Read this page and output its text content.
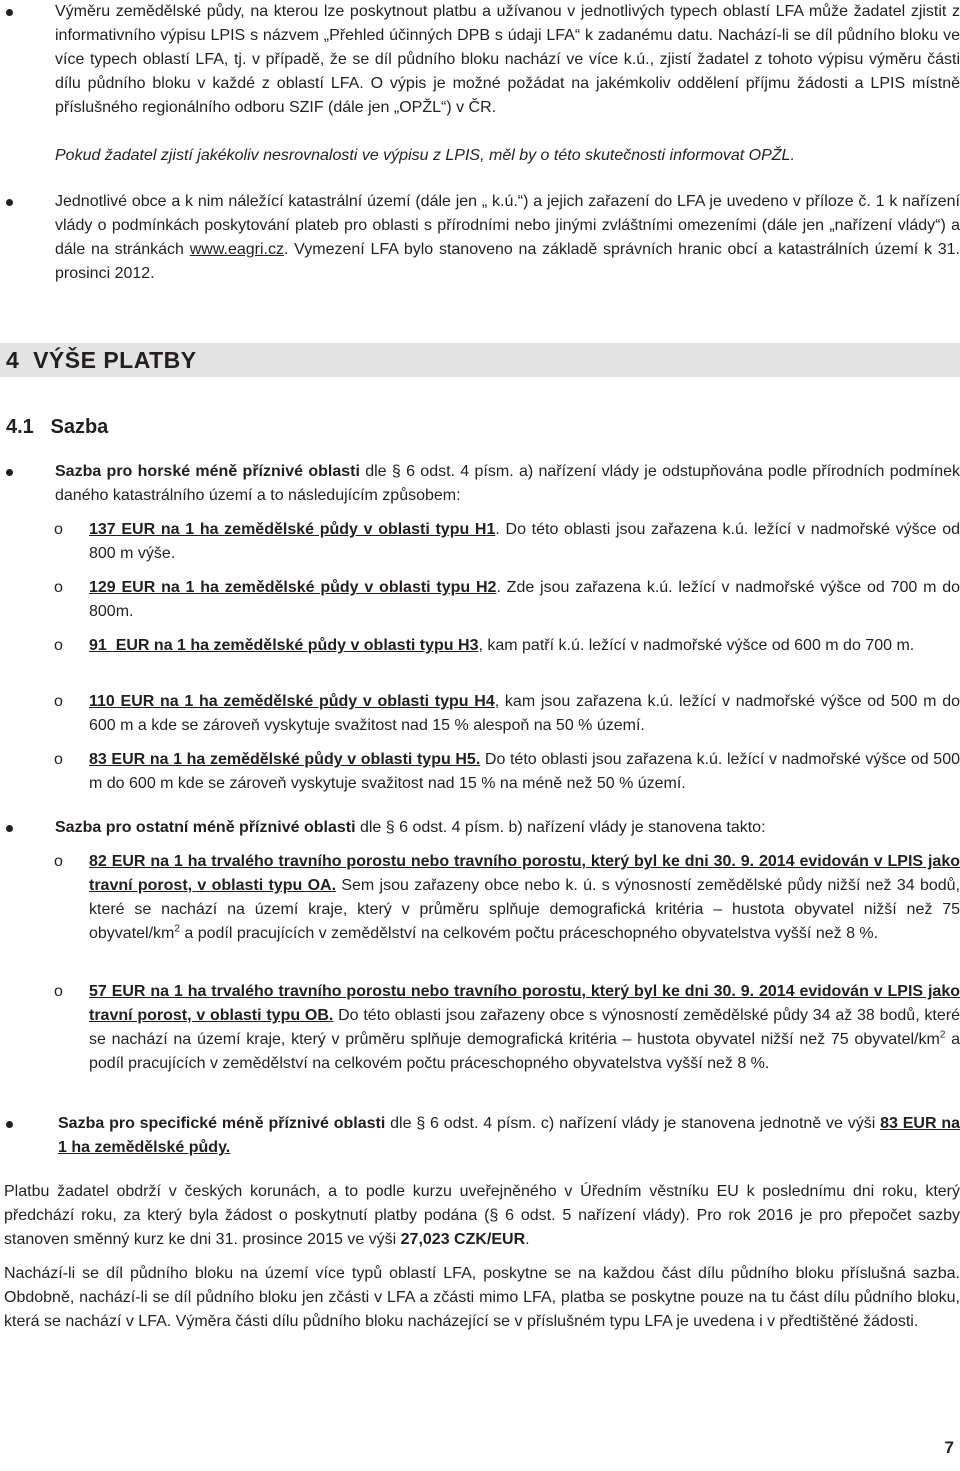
Výměru zemědělské půdy, na kterou lze poskytnout platbu a užívanou v jednotlivých typech oblastí LFA může žadatel zjistit z informativního výpisu LPIS s názvem „Přehled účinných DPB s údaji LFA“ k zadanému datu. Nachází-li se díl půdního bloku ve více typech oblastí LFA, tj. v případě, že se díl půdního bloku nachází ve více k.ú., zjistí žadatel z tohoto výpisu výměru části dílu půdního bloku v každé z oblastí LFA. O výpis je možné požádat na jakémkoliv oddělení příjmu žádosti a LPIS místně příslušného regionálního odboru SZIF (dále jen „OPŽL“) v ČR.

Pokud žadatel zjistí jakékoliv nesrovnalosti ve výpisu z LPIS, měl by o této skutečnosti informovat OPŽL.

Jednotlivé obce a k nim náležící katastrální území (dále jen „ k.ú.“) a jejich zařazení do LFA je uvedeno v příloze č. 1 k nařízení vlády o podmínkách poskytování plateb pro oblasti s přírodními nebo jinými zvláštními omezeními (dále jen „nařízení vlády“) a dále na stránkách www.eagri.cz. Vymezení LFA bylo stanoveno na základě správních hranic obcí a katastrálních území k 31. prosinci 2012.

4 VÝŠE PLATBY
4.1 Sazba

Sazba pro horské méně příznivé oblasti dle § 6 odst. 4 písm. a) nařízení vlády je odstupňována podle přírodních podmínek daného katastrálního území a to následujícím způsobem:

o	137 EUR na 1 ha zemědělské půdy v oblasti typu H1. Do této oblasti jsou zařazena k.ú. ležící v nadmořské výšce od 800 m výše.
o	129 EUR na 1 ha zemědělské půdy v oblasti typu H2. Zde jsou zařazena k.ú. ležící v nadmořské výšce od 700 m do 800m.
o	91  EUR na 1 ha zemědělské půdy v oblasti typu H3, kam patří k.ú. ležící v nadmořské výšce od 600 m do 700 m.
o	110 EUR na 1 ha zemědělské půdy v oblasti typu H4, kam jsou zařazena k.ú. ležící v nadmořské výšce od 500 m do 600 m a kde se zároveň vyskytuje svažitost nad 15 % alespoň na 50 % území.
o	83 EUR na 1 ha zemědělské půdy v oblasti typu H5. Do této oblasti jsou zařazena k.ú. ležící v nadmořské výšce od 500 m do 600 m kde se zároveň vyskytuje svažitost nad 15 % na méně než 50 % území.

Sazba pro ostatní méně příznivé oblasti dle § 6 odst. 4 písm. b) nařízení vlády je stanovena takto:

o	82 EUR na 1 ha trvalého travního porostu nebo travního porostu, který byl ke dni 30. 9. 2014 evidován v LPIS jako travní porost, v oblasti typu OA. Sem jsou zařazeny obce nebo k. ú. s výnosností zemědělské půdy nižší než 34 bodů, které se nachází na území kraje, který v průměru splňuje demografická kritéria – hustota obyvatel nižší než 75 obyvatel/$km^2$ a podíl pracujících v zemědělství na celkovém počtu práceschopného obyvatelstva vyšší než 8 %.
o	57 EUR na 1 ha trvalého travního porostu nebo travního porostu, který byl ke dni 30. 9. 2014 evidován v LPIS jako travní porost, v oblasti typu OB. Do této oblasti jsou zařazeny obce s výnosností zemědělské půdy 34 až 38 bodů, které se nachází na území kraje, který v průměru splňuje demografická kritéria – hustota obyvatel nižší než 75 obyvatel/$km^2$ a podíl pracujících v zemědělství na celkovém počtu práceschopného obyvatelstva vyšší než 8 %.

Sazba pro specifické méně příznivé oblasti dle § 6 odst. 4 písm. c) nařízení vlády je stanovena jednotně ve výši 83 EUR na 1 ha zemědělské půdy.

Platbu žadatel obdrží v českých korunách, a to podle kurzu uveřejněného v Úředním věstníku EU k poslednímu dni roku, který předchází roku, za který byla žádost o poskytnutí platby podána (§ 6 odst. 5 nařízení vlády). Pro rok 2016 je pro přepočet sazby stanoven směnný kurz ke dni 31. prosince 2015 ve výši 27,023 CZK/EUR.

Nachází-li se díl půdního bloku na území více typů oblastí LFA, poskytne se na každou část dílu půdního bloku příslušná sazba. Obdobně, nachází-li se díl půdního bloku jen zčásti v LFA a zčásti mimo LFA, platba se poskytne pouze na tu část dílu půdního bloku, která se nachází v LFA. Výměra části dílu půdního bloku nacházející se v příslušném typu LFA je uvedena i v předtištěné žádosti.

7
